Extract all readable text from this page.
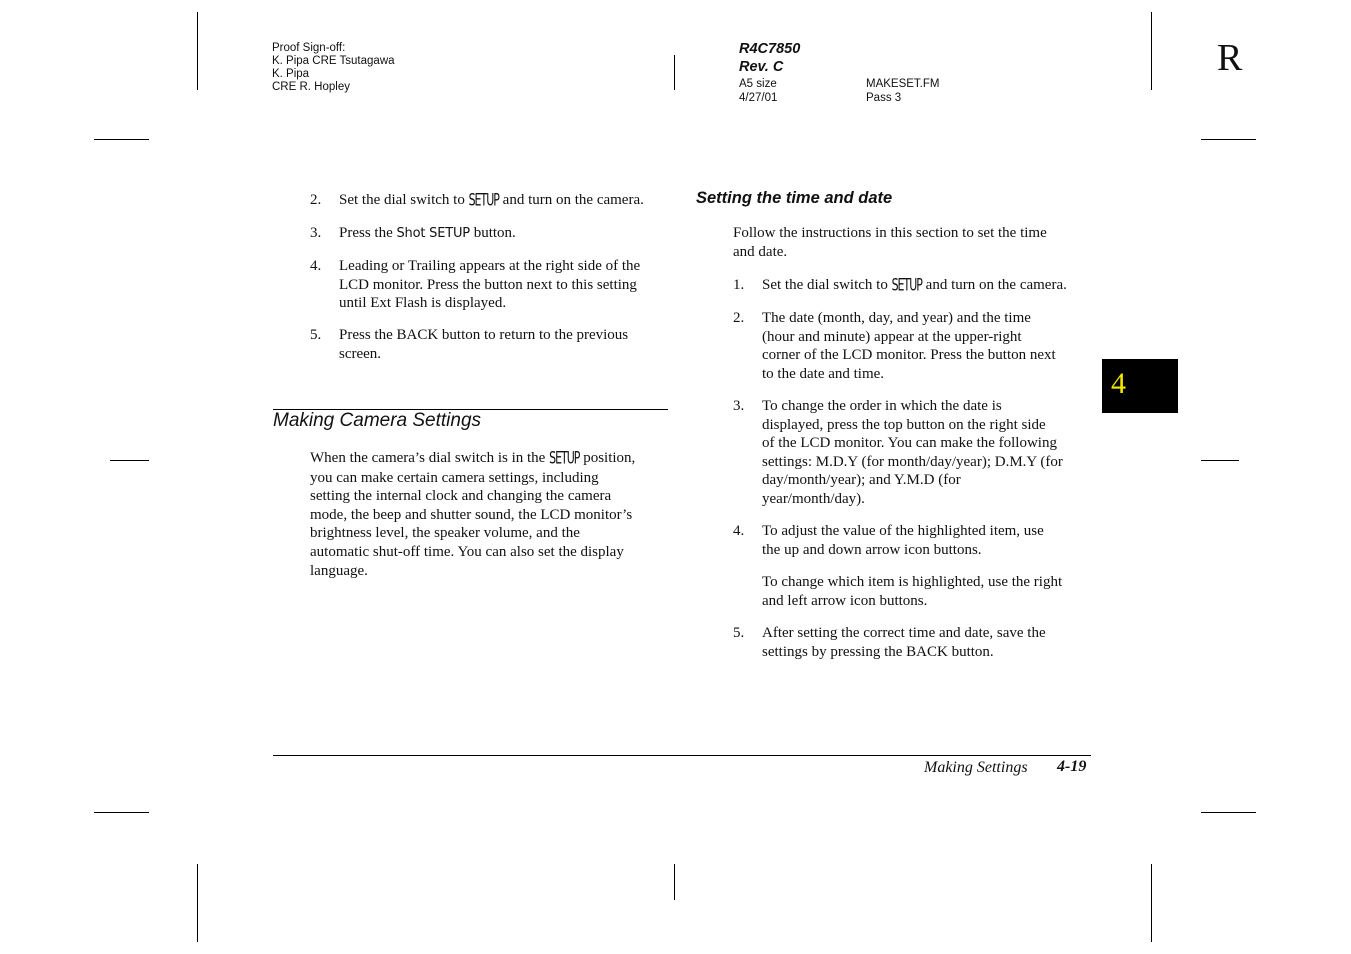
Proof Sign-off:
K. Pipa CRE Tsutagawa
K. Pipa
CRE R. Hopley
R4C7850
Rev. C
A5 size
4/27/01
MAKESET.FM
Pass 3
R
2. Set the dial switch to SETUP and turn on the camera.
3. Press the Shot SETUP button.
4. Leading or Trailing appears at the right side of the
LCD monitor. Press the button next to this setting
until Ext Flash is displayed.
5. Press the BACK button to return to the previous
screen.
Making Camera Settings
When the camera’s dial switch is in the SETUP position,
you can make certain camera settings, including
setting the internal clock and changing the camera
mode, the beep and shutter sound, the LCD monitor’s
brightness level, the speaker volume, and the
automatic shut-off time. You can also set the display
language.
Setting the time and date
Follow the instructions in this section to set the time
and date.
1. Set the dial switch to SETUP and turn on the camera.
2. The date (month, day, and year) and the time
(hour and minute) appear at the upper-right
corner of the LCD monitor. Press the button next
to the date and time.
3. To change the order in which the date is
displayed, press the top button on the right side
of the LCD monitor. You can make the following
settings: M.D.Y (for month/day/year); D.M.Y (for
day/month/year); and Y.M.D (for
year/month/day).
4. To adjust the value of the highlighted item, use
the up and down arrow icon buttons.
To change which item is highlighted, use the right
and left arrow icon buttons.
5. After setting the correct time and date, save the
settings by pressing the BACK button.
4
Making Settings 4-19
